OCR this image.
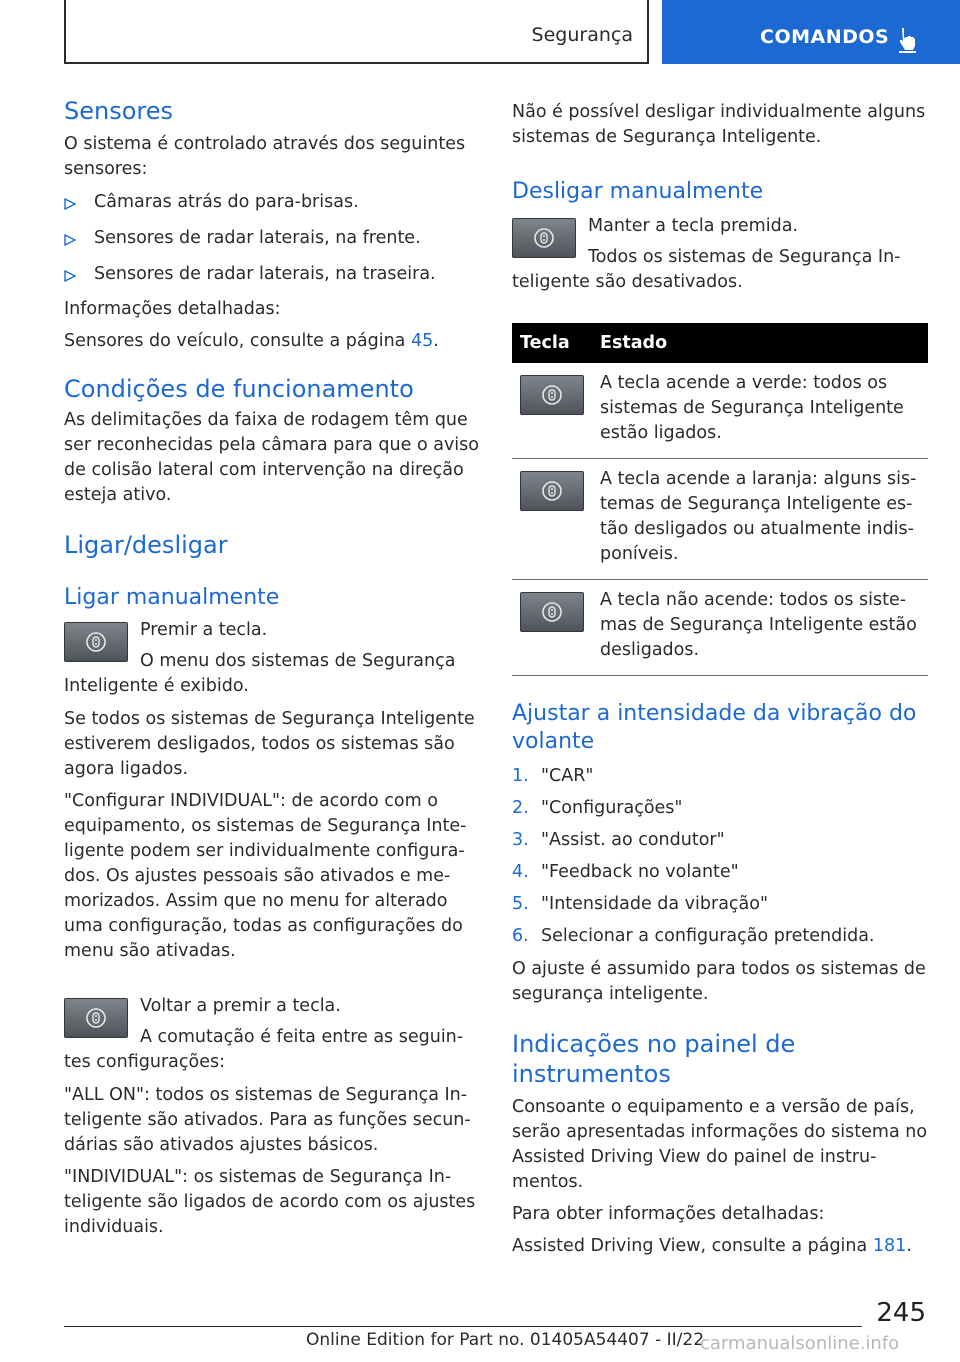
Segurança	COMANDOS
Sensores
O sistema é controlado através dos seguintes sensores:
Câmaras atrás do para-brisas.
Sensores de radar laterais, na frente.
Sensores de radar laterais, na traseira.
Informações detalhadas:
Sensores do veículo, consulte a página 45.
Condições de funcionamento
As delimitações da faixa de rodagem têm que ser reconhecidas pela câmara para que o aviso de colisão lateral com intervenção na direção esteja ativo.
Ligar/desligar
Ligar manualmente
Premir a tecla.
O menu dos sistemas de Segurança Inteligente é exibido.
Se todos os sistemas de Segurança Inteligente estiverem desligados, todos os sistemas são agora ligados.
"Configurar INDIVIDUAL": de acordo com o equipamento, os sistemas de Segurança Inteligente podem ser individualmente configurados. Os ajustes pessoais são ativados e memorizados. Assim que no menu for alterado uma configuração, todas as configurações do menu são ativadas.
Voltar a premir a tecla.
A comutação é feita entre as seguintes configurações:
"ALL ON": todos os sistemas de Segurança Inteligente são ativados. Para as funções secundárias são ativados ajustes básicos.
"INDIVIDUAL": os sistemas de Segurança Inteligente são ligados de acordo com os ajustes individuais.
Não é possível desligar individualmente alguns sistemas de Segurança Inteligente.
Desligar manualmente
Manter a tecla premida.
Todos os sistemas de Segurança Inteligente são desativados.
Tecla	Estado

	A tecla acende a verde: todos os sistemas de Segurança Inteligente estão ligados.

	A tecla acende a laranja: alguns sistemas de Segurança Inteligente estão desligados ou atualmente indisponíveis.

	A tecla não acende: todos os sistemas de Segurança Inteligente estão desligados.
Ajustar a intensidade da vibração do volante
1. "CAR"
2. "Configurações"
3. "Assist. ao condutor"
4. "Feedback no volante"
5. "Intensidade da vibração"
6. Selecionar a configuração pretendida.
O ajuste é assumido para todos os sistemas de segurança inteligente.
Indicações no painel de instrumentos
Consoante o equipamento e a versão de país, serão apresentadas informações do sistema no Assisted Driving View do painel de instrumentos.
Para obter informações detalhadas:
Assisted Driving View, consulte a página 181.
245
Online Edition for Part no. 01405A54407 - II/22
carmanualsonline.info
